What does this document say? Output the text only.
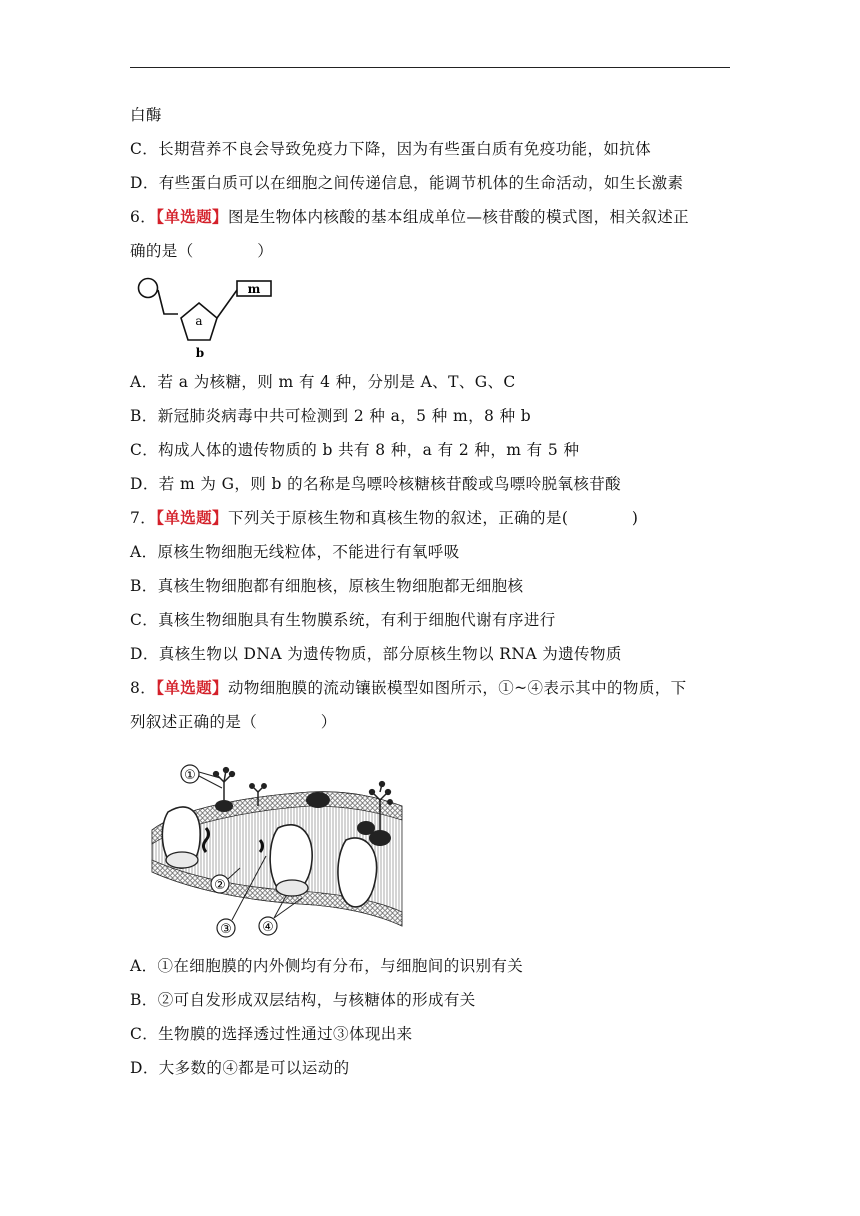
白酶
C．长期营养不良会导致免疫力下降，因为有些蛋白质有免疫功能，如抗体
D．有些蛋白质可以在细胞之间传递信息，能调节机体的生命活动，如生长激素
6．【单选题】图是生物体内核酸的基本组成单位—核苷酸的模式图，相关叙述正
确的是（　　　　）
m
a
b
A．若 a 为核糖，则 m 有 4 种，分别是 A、T、G、C
B．新冠肺炎病毒中共可检测到 2 种 a，5 种 m，8 种 b
C．构成人体的遗传物质的 b 共有 8 种，a 有 2 种，m 有 5 种
D．若 m 为 G，则 b 的名称是鸟嘌呤核糖核苷酸或鸟嘌呤脱氧核苷酸
7．【单选题】下列关于原核生物和真核生物的叙述，正确的是(　　　　)
A．原核生物细胞无线粒体，不能进行有氧呼吸
B．真核生物细胞都有细胞核，原核生物细胞都无细胞核
C．真核生物细胞具有生物膜系统，有利于细胞代谢有序进行
D．真核生物以 DNA 为遗传物质，部分原核生物以 RNA 为遗传物质
8．【单选题】动物细胞膜的流动镶嵌模型如图所示，①~④表示其中的物质，下
列叙述正确的是（　　　　）
①
②
③ ④
A．①在细胞膜的内外侧均有分布，与细胞间的识别有关
B．②可自发形成双层结构，与核糖体的形成有关
C．生物膜的选择透过性通过③体现出来
D．大多数的④都是可以运动的
